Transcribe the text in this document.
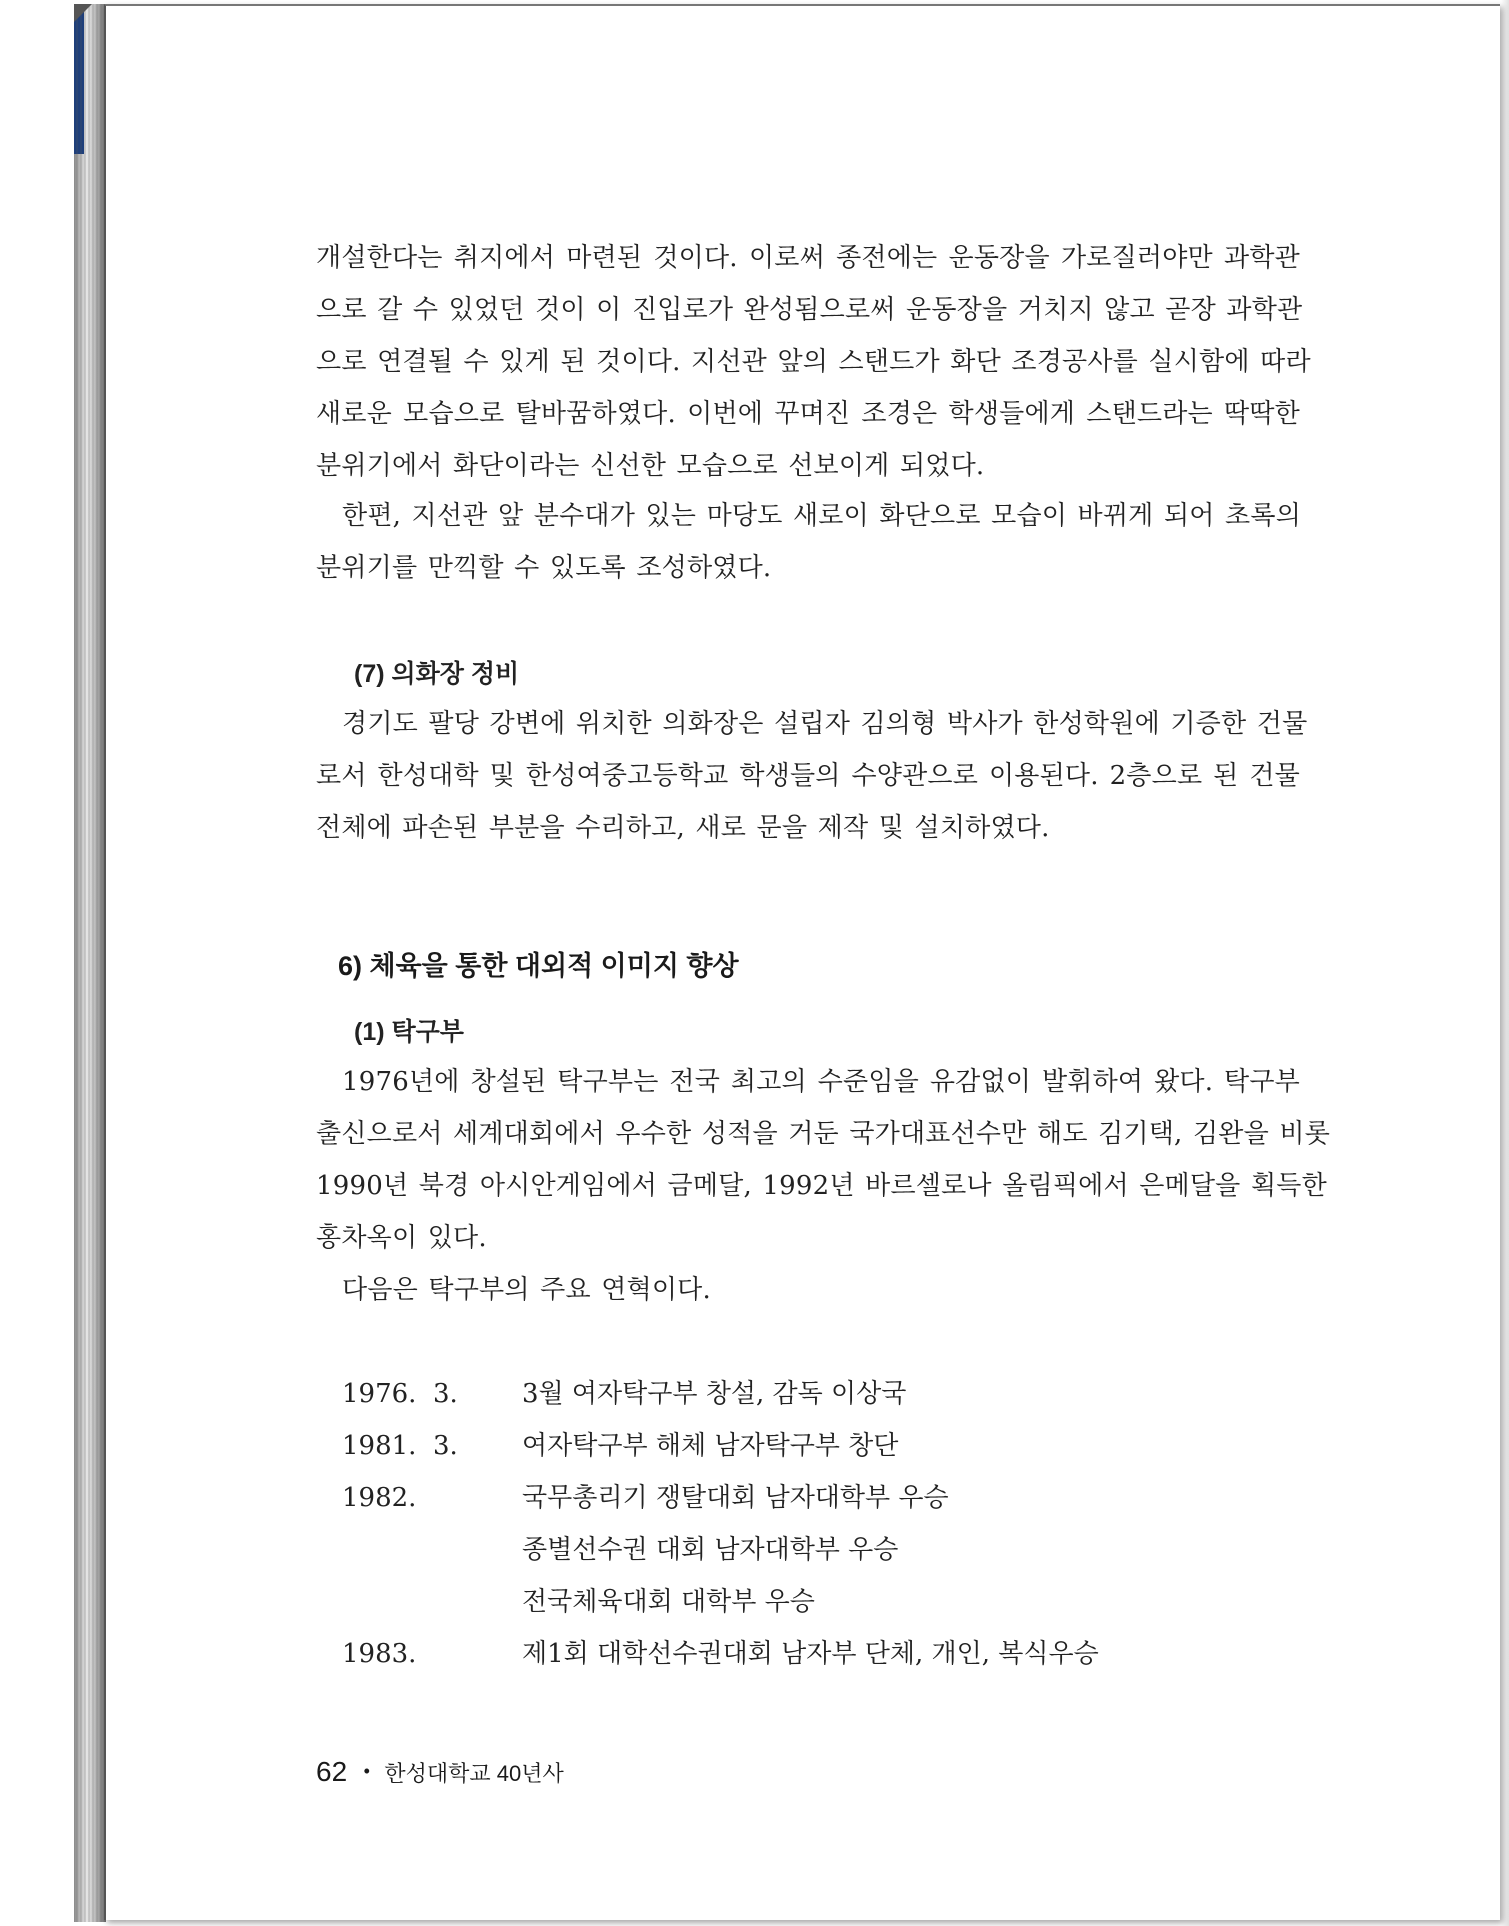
개설한다는 취지에서 마련된 것이다. 이로써 종전에는 운동장을 가로질러야만 과학관
으로 갈 수 있었던 것이 이 진입로가 완성됨으로써 운동장을 거치지 않고 곧장 과학관
으로 연결될 수 있게 된 것이다. 지선관 앞의 스탠드가 화단 조경공사를 실시함에 따라
새로운 모습으로 탈바꿈하였다. 이번에 꾸며진 조경은 학생들에게 스탠드라는 딱딱한
분위기에서 화단이라는 신선한 모습으로 선보이게 되었다.
한편, 지선관 앞 분수대가 있는 마당도 새로이 화단으로 모습이 바뀌게 되어 초록의
분위기를 만끽할 수 있도록 조성하였다.
(7) 의화장 정비
경기도 팔당 강변에 위치한 의화장은 설립자 김의형 박사가 한성학원에 기증한 건물
로서 한성대학 및 한성여중고등학교 학생들의 수양관으로 이용된다. 2층으로 된 건물
전체에 파손된 부분을 수리하고, 새로 문을 제작 및 설치하였다.
6) 체육을 통한 대외적 이미지 향상
(1) 탁구부
1976년에 창설된 탁구부는 전국 최고의 수준임을 유감없이 발휘하여 왔다. 탁구부
출신으로서 세계대회에서 우수한 성적을 거둔 국가대표선수만 해도 김기택, 김완을 비롯
1990년 북경 아시안게임에서 금메달, 1992년 바르셀로나 올림픽에서 은메달을 획득한
홍차옥이 있다.
다음은 탁구부의 주요 연혁이다.
1976.  3.	3월 여자탁구부 창설, 감독 이상국
1981.  3.	여자탁구부 해체 남자탁구부 창단
1982.	국무총리기 쟁탈대회 남자대학부 우승
종별선수권 대회 남자대학부 우승
전국체육대회 대학부 우승
1983.	제1회 대학선수권대회 남자부 단체, 개인, 복식우승
62 • 한성대학교 40년사
